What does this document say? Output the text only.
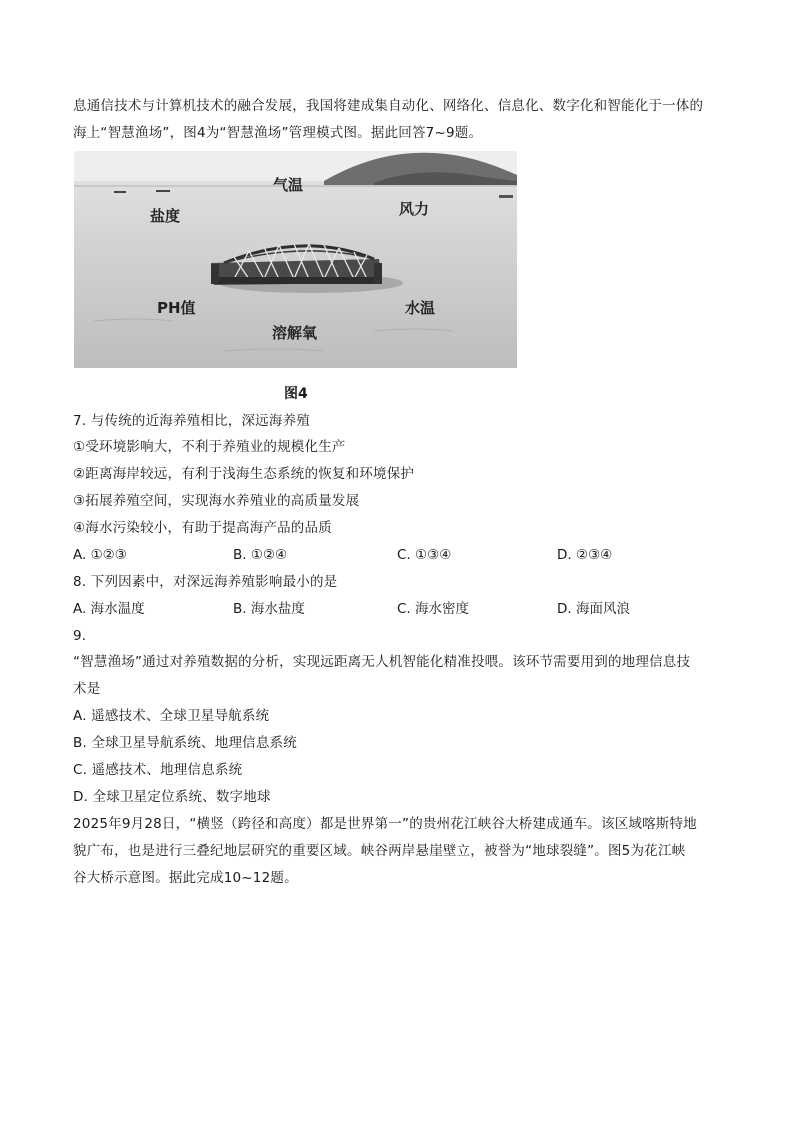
息通信技术与计算机技术的融合发展，我国将建成集自动化、网络化、信息化、数字化和智能化于一体的
海上“智慧渔场”，图4为“智慧渔场”管理模式图。据此回答7~9题。
气温
盐度	风力
PH值	水温
溶解氧
图4
7. 与传统的近海养殖相比，深远海养殖
①受环境影响大，不利于养殖业的规模化生产
②距离海岸较远，有利于浅海生态系统的恢复和环境保护
③拓展养殖空间，实现海水养殖业的高质量发展
④海水污染较小，有助于提高海产品的品质
A. ①②③	B. ①②④	C. ①③④	D. ②③④
8. 下列因素中，对深远海养殖影响最小的是
A. 海水温度	B. 海水盐度	C. 海水密度	D. 海面风浪
9.
“智慧渔场”通过对养殖数据的分析，实现远距离无人机智能化精准投喂。该环节需要用到的地理信息技
术是
A. 遥感技术、全球卫星导航系统
B. 全球卫星导航系统、地理信息系统
C. 遥感技术、地理信息系统
D. 全球卫星定位系统、数字地球
2025年9月28日，“横竖（跨径和高度）都是世界第一”的贵州花江峡谷大桥建成通车。该区域喀斯特地
貌广布，也是进行三叠纪地层研究的重要区域。峡谷两岸悬崖壁立，被誉为“地球裂缝”。图5为花江峡
谷大桥示意图。据此完成10~12题。
